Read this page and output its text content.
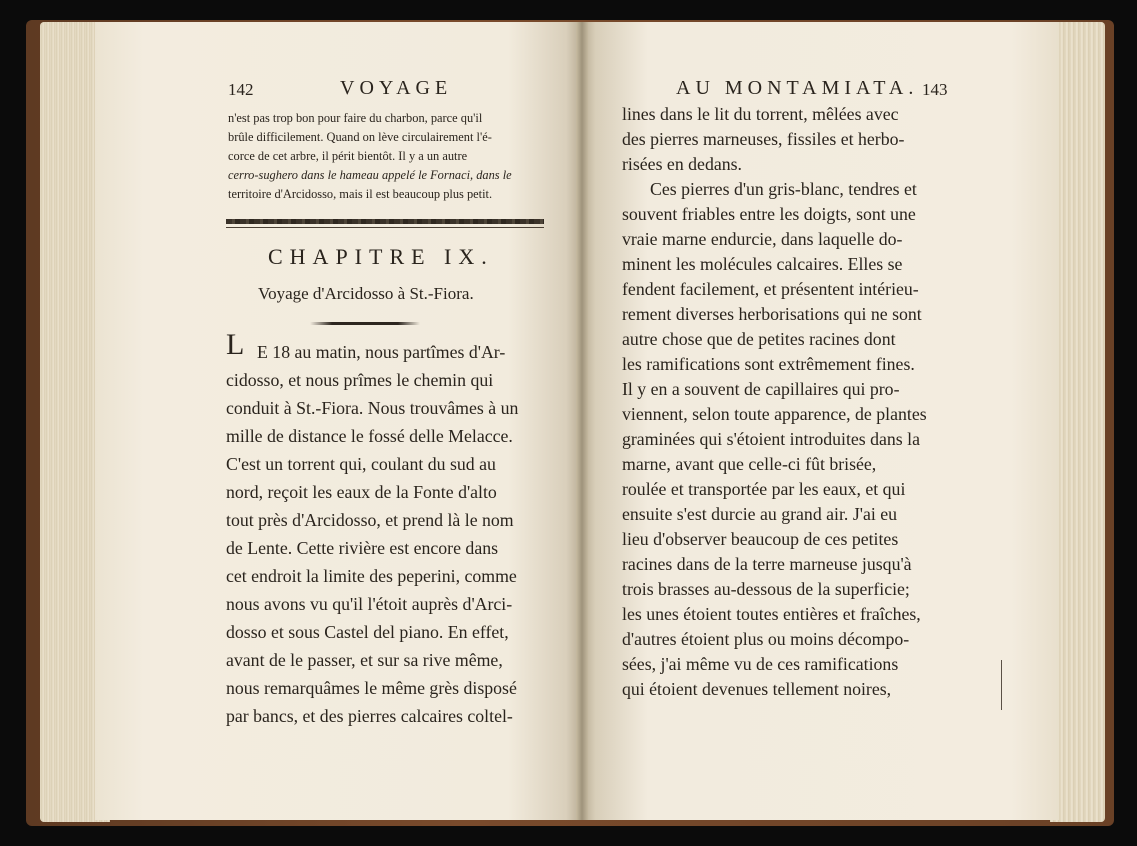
142	VOYAGE
n'est pas trop bon pour faire du charbon, parce qu'il
brûle difficilement. Quand on lève circulairement l'é-
corce de cet arbre, il périt bientôt. Il y a un autre
cerro-sughero dans le hameau appelé le Fornaci, dans le
territoire d'Arcidosso, mais il est beaucoup plus petit.
CHAPITRE IX.
Voyage d'Arcidosso à St.-Fiora.
L E 18 au matin, nous partîmes d'Ar-
cidosso, et nous prîmes le chemin qui
conduit à St.-Fiora. Nous trouvâmes à un
mille de distance le fossé delle Melacce.
C'est un torrent qui, coulant du sud au
nord, reçoit les eaux de la Fonte d'alto
tout près d'Arcidosso, et prend là le nom
de Lente. Cette rivière est encore dans
cet endroit la limite des peperini, comme
nous avons vu qu'il l'étoit auprès d'Arci-
dosso et sous Castel del piano. En effet,
avant de le passer, et sur sa rive même,
nous remarquâmes le même grès disposé
par bancs, et des pierres calcaires coltel-
AU MONTAMIATA. 143
lines dans le lit du torrent, mêlées avec
des pierres marneuses, fissiles et herbo-
risées en dedans.
Ces pierres d'un gris-blanc, tendres et
souvent friables entre les doigts, sont une
vraie marne endurcie, dans laquelle do-
minent les molécules calcaires. Elles se
fendent facilement, et présentent intérieu-
rement diverses herborisations qui ne sont
autre chose que de petites racines dont
les ramifications sont extrêmement fines.
Il y en a souvent de capillaires qui pro-
viennent, selon toute apparence, de plantes
graminées qui s'étoient introduites dans la
marne, avant que celle-ci fût brisée,
roulée et transportée par les eaux, et qui
ensuite s'est durcie au grand air. J'ai eu
lieu d'observer beaucoup de ces petites
racines dans de la terre marneuse jusqu'à
trois brasses au-dessous de la superficie;
les unes étoient toutes entières et fraîches,
d'autres étoient plus ou moins décompo-
sées, j'ai même vu de ces ramifications
qui étoient devenues tellement noires,
